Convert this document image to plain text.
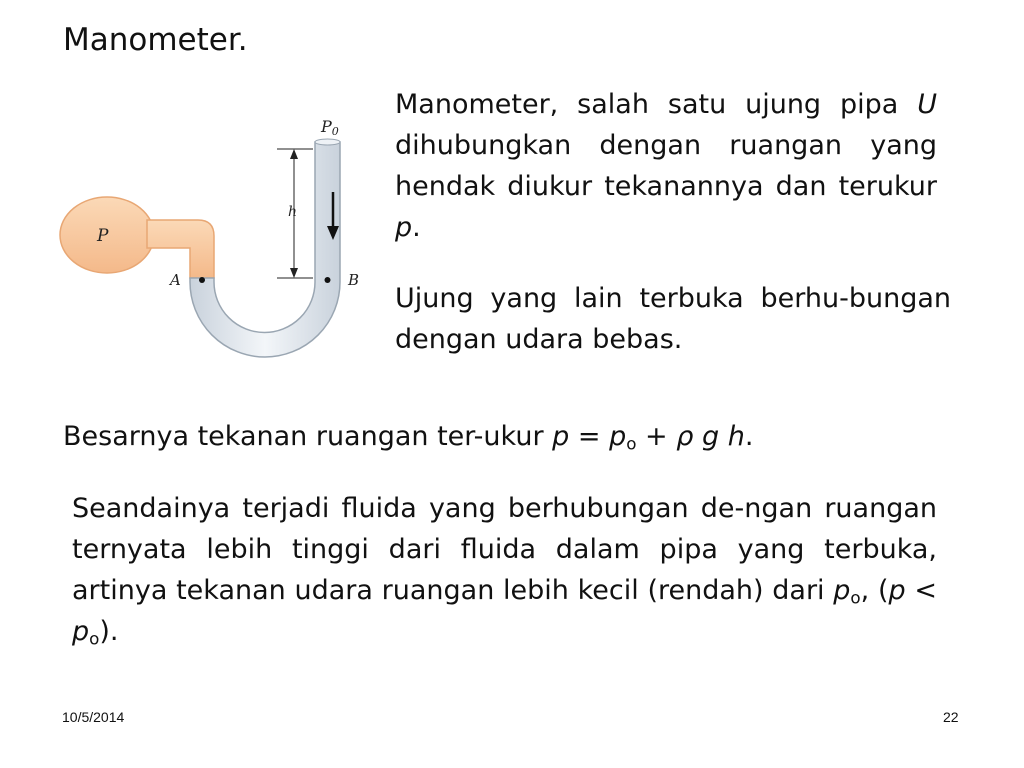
Manometer.
P0
h
P
A	B
Manometer, salah satu ujung pipa U dihubungkan dengan ruangan yang hendak diukur tekanannya dan terukur p.
Ujung yang lain terbuka berhu-bungan dengan udara bebas.
Besarnya tekanan ruangan ter-ukur $p = p_o + \rho$ g h.
Seandainya terjadi fluida yang berhubungan de-ngan ruangan ternyata lebih tinggi dari fluida dalam pipa yang terbuka, artinya tekanan udara ruangan lebih kecil (rendah) dari $p_o$, $(p < p_o)$.
10/5/2014	22
